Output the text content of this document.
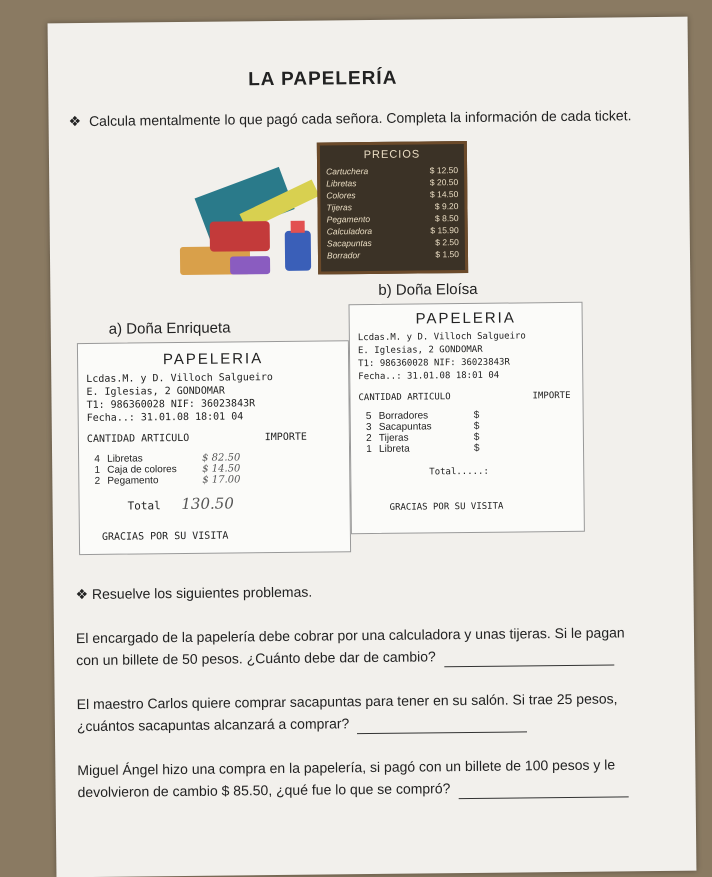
LA PAPELERÍA
❖ Calcula mentalmente lo que pagó cada señora. Completa la información de cada ticket.
PRECIOS
Cartuchera	$ 12.50
Libretas	$ 20.50
Colores	$ 14.50
Tijeras	$ 9.20
Pegamento	$ 8.50
Calculadora	$ 15.90
Sacapuntas	$ 2.50
Borrador	$ 1.50
a) Doña Enriqueta
b) Doña Eloísa
PAPELERIA
Lcdas.M. y D. Villoch Salgueiro
E. Iglesias, 2 GONDOMAR
T1: 986360028 NIF: 36023843R
Fecha..: 31.01.08 18:01 04
CANTIDAD ARTICULO	IMPORTE
4 Libretas	$ 82.50
1 Caja de colores	$ 14.50
2 Pegamento	$ 17.00
Total 130.50
GRACIAS POR SU VISITA
PAPELERIA
Lcdas.M. y D. Villoch Salgueiro
E. Iglesias, 2 GONDOMAR
T1: 986360028 NIF: 36023843R
Fecha..: 31.01.08 18:01 04
CANTIDAD ARTICULO	IMPORTE
5 Borradores	$
3 Sacapuntas	$
2 Tijeras	$
1 Libreta	$
Total.....:
GRACIAS POR SU VISITA

❖ Resuelve los siguientes problemas.

El encargado de la papelería debe cobrar por una calculadora y unas tijeras. Si le pagan

con un billete de 50 pesos. ¿Cuánto debe dar de cambio?

El maestro Carlos quiere comprar sacapuntas para tener en su salón. Si trae 25 pesos,

¿cuántos sacapuntas alcanzará a comprar?

Miguel Ángel hizo una compra en la papelería, si pagó con un billete de 100 pesos y le

devolvieron de cambio $ 85.50, ¿qué fue lo que se compró?
